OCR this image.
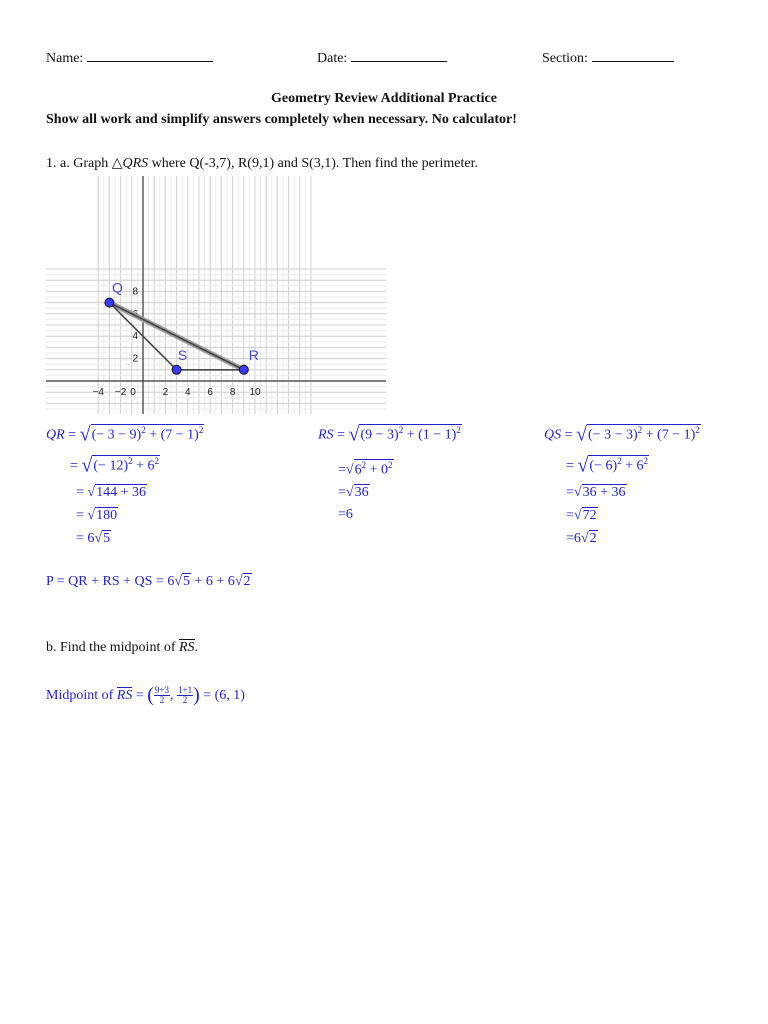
Name:	Date:	Section:
Geometry Review Additional Practice
Show all work and simplify answers completely when necessary. No calculator!
1. a. Graph △QRS where Q(-3,7), R(9,1) and S(3,1). Then find the perimeter.
−4 −2 0	2 4 6 8 10
8
4
2
Q
R
S
QR = √(− $3 - 9)^2 + (7 - 1)^2$
= √(− $12)^2 + 6^2$
= √144 + 36
= √180
= 6√5
RS = $√(9 - 3)^2 + (1 - 1)^2$
$=√6^2 + 0^2$
=√36
=6
QS = √(− $3 - 3)^2 + (7 - 1)^2$
= √(− $6)^2 + 6^2$
=√36 + 36
=√72
=6√2
P = QR + RS + QS = 6√5 + 6 + 6√2
b. Find the midpoint of RS.
Midpoint of RS = ( $\frac{9+3}{2}$ , $\frac{1+1}{2}$ ) = (6, 1)
